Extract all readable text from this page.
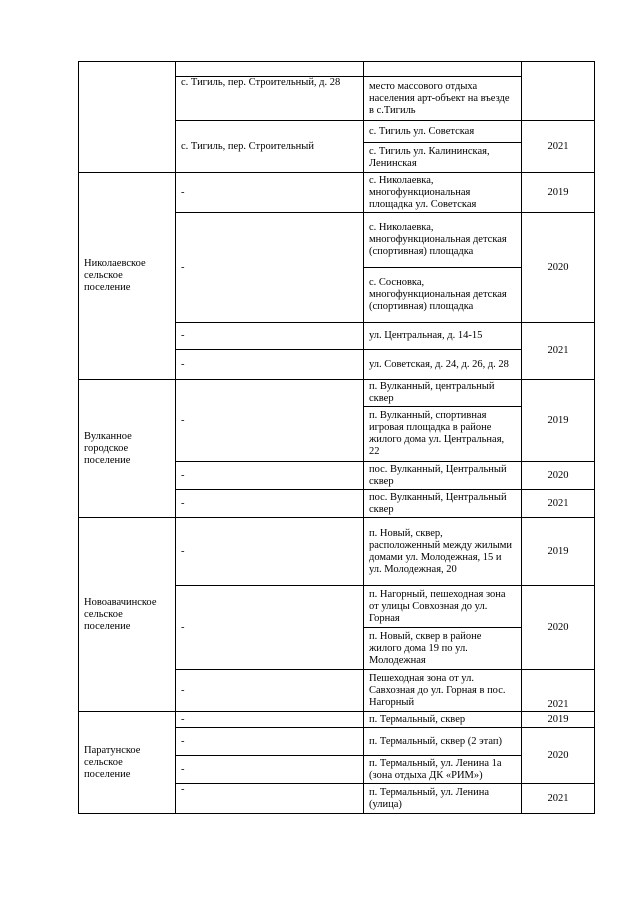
	с. Тигиль, пер. Строительный, д. 28	место массового отдыха населения арт-объект на въезде в с.Тигиль	
	с. Тигиль, пер. Строительный	с. Тигиль ул. Советская	2021
		с. Тигиль ул. Калининская, Ленинская	
Николаевское сельское поселение	-	с. Николаевка, многофункциональная площадка ул. Советская	2019
	-	с. Николаевка, многофункциональная детская (спортивная) площадка	2020
		с. Сосновка, многофункциональная детская (спортивная) площадка	
	-	ул. Центральная, д. 14-15	2021
	-	ул. Советская, д. 24, д. 26, д. 28	
Вулканное городское поселение	-	п. Вулканный, центральный сквер	2019
		п. Вулканный, спортивная игровая площадка в районе жилого дома ул. Центральная, 22	
	-	пос. Вулканный, Центральный сквер	2020
	-	пос. Вулканный, Центральный сквер	2021
Новоавачинское сельское поселение	-	п. Новый, сквер, расположенный между жилыми домами ул. Молодежная, 15 и ул. Молодежная, 20	2019
	-	п. Нагорный, пешеходная зона от улицы Совхозная до ул. Горная	2020
		п. Новый, сквер в районе жилого дома 19 по ул. Молодежная	
	-	Пешеходная зона от ул. Савхозная до ул. Горная в пос. Нагорный	2021
Паратунское сельское поселение	-	п. Термальный, сквер	2019
	-	п. Термальный, сквер (2 этап)	2020
	-	п. Термальный, ул. Ленина 1а (зона отдыха ДК «РИМ»)	
	-	п. Термальный, ул. Ленина (улица)	2021
